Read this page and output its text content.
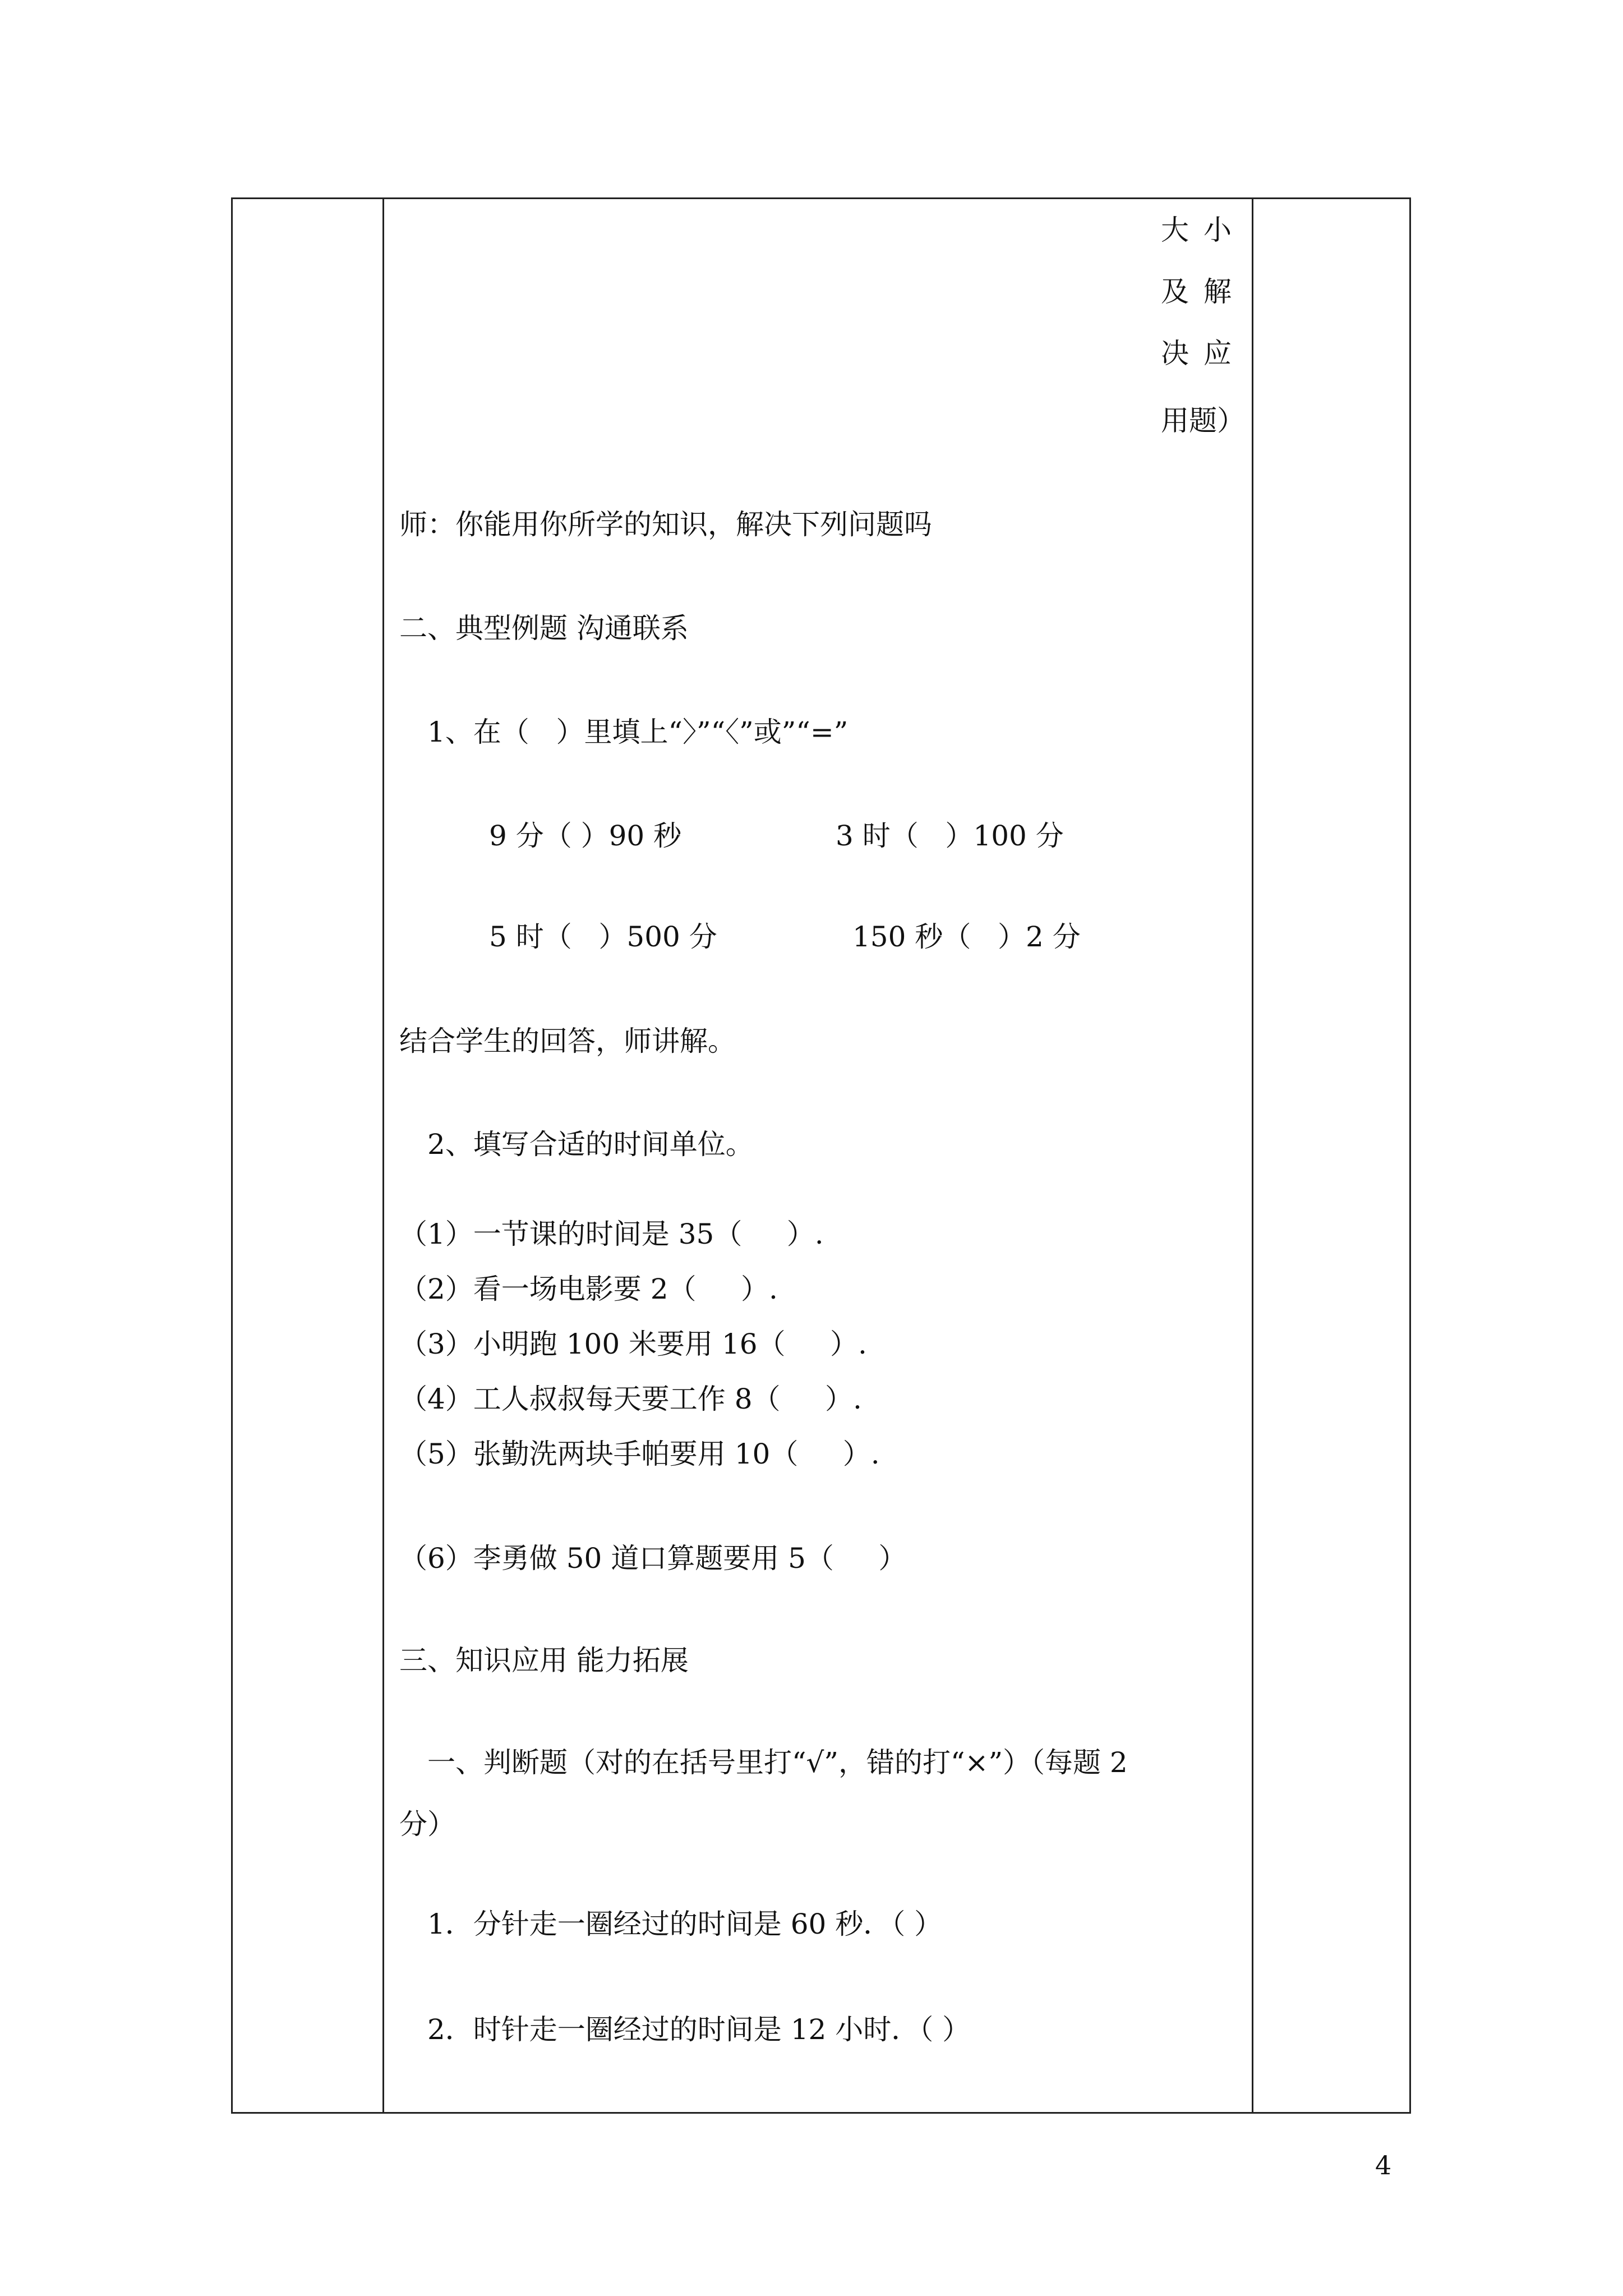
大小
及解
决应
用题）
师：你能用你所学的知识，解决下列问题吗
二、典型例题 沟通联系
1、在（   ）里填上“〉”“〈”或”“=”
9 分（ ）90 秒	3 时（   ）100 分
5 时（   ）500 分	150 秒（   ）2 分
结合学生的回答，师讲解。
2、填写合适的时间单位。
（1）一节课的时间是 35（     ）.
（2）看一场电影要 2（     ）.
（3）小明跑 100 米要用 16（     ）.
（4）工人叔叔每天要工作 8（     ）.
（5）张勤洗两块手帕要用 10（     ）.
（6）李勇做 50 道口算题要用 5（     ）
三、知识应用 能力拓展
一、判断题（对的在括号里打“√”，错的打“×”）（每题 2
分）
1．分针走一圈经过的时间是 60 秒．（ ）
2．时针走一圈经过的时间是 12 小时．（ ）
4
